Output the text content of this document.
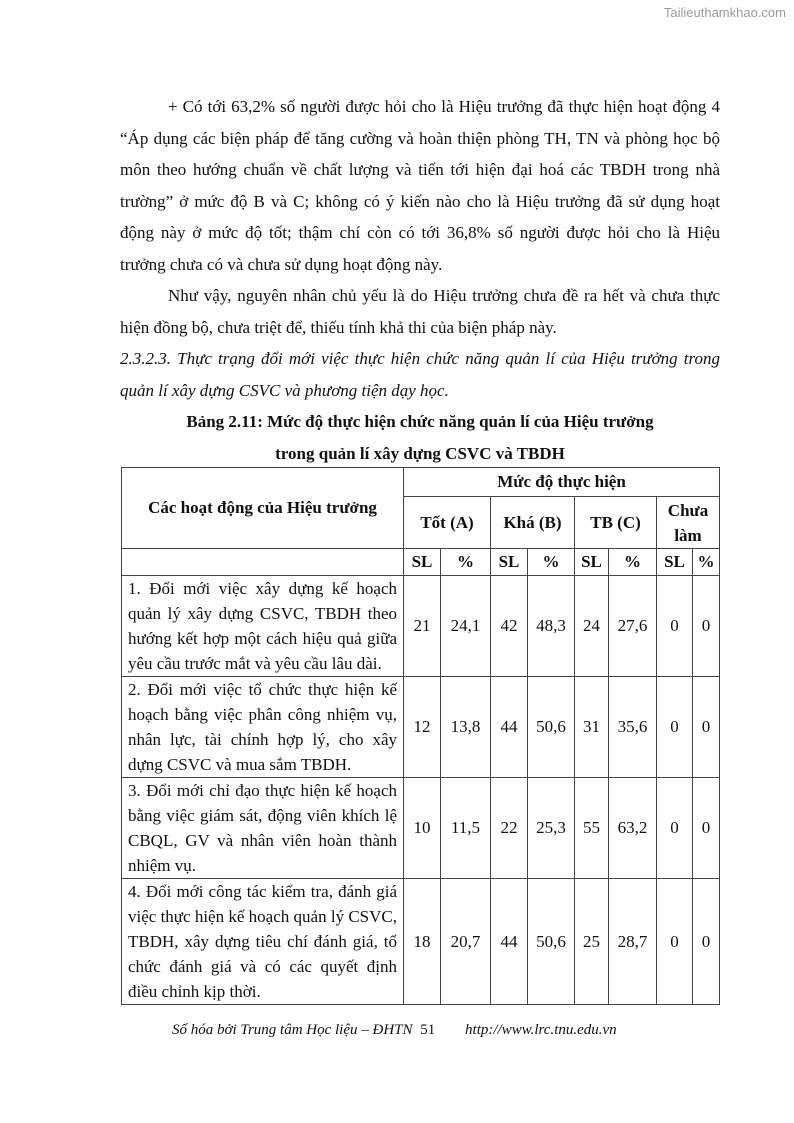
Tailieuthamkhao.com

+ Có tới 63,2% số người được hỏi cho là Hiệu trưởng đã thực hiện hoạt động 4 “Áp dụng các biện pháp để tăng cường và hoàn thiện phòng TH, TN và phòng học bộ môn theo hướng chuẩn về chất lượng và tiến tới hiện đại hoá các TBDH trong nhà trường” ở mức độ B và C; không có ý kiến nào cho là Hiệu trưởng đã sử dụng hoạt động này ở mức độ tốt; thậm chí còn có tới 36,8% số người được hỏi cho là Hiệu trưởng chưa có và chưa sử dụng hoạt động này.

Như vậy, nguyên nhân chủ yếu là do Hiệu trưởng chưa đề ra hết và chưa thực hiện đồng bộ, chưa triệt để, thiếu tính khả thi của biện pháp này.

2.3.2.3. Thực trạng đổi mới việc thực hiện chức năng quản lí của Hiệu trưởng trong quản lí xây dựng CSVC và phương tiện dạy học.

Bảng 2.11: Mức độ thực hiện chức năng quản lí của Hiệu trưởng

trong quản lí xây dựng CSVC và TBDH

Các hoạt động của Hiệu trưởng	Mức độ thực hiện							
	Tốt (A)		Khá (B)		TB (C)		Chưa làm	
	SL	%	SL	%	SL	%	SL	%
1. Đổi mới việc xây dựng kế hoạch quản lý xây dựng CSVC, TBDH theo hướng kết hợp một cách hiệu quả giữa yêu cầu trước mắt và yêu cầu lâu dài.	21	24,1	42	48,3	24	27,6	0	0
2. Đổi mới việc tổ chức thực hiện kế hoạch bằng việc phân công nhiệm vụ, nhân lực, tài chính hợp lý, cho xây dựng CSVC và mua sắm TBDH.	12	13,8	44	50,6	31	35,6	0	0
3. Đổi mới chỉ đạo thực hiện kế hoạch bằng việc giám sát, động viên khích lệ CBQL, GV và nhân viên hoàn thành nhiệm vụ.	10	11,5	22	25,3	55	63,2	0	0
4. Đổi mới công tác kiểm tra, đánh giá việc thực hiện kế hoạch quản lý CSVC, TBDH, xây dựng tiêu chí đánh giá, tổ chức đánh giá và có các quyết định điều chỉnh kịp thời.	18	20,7	44	50,6	25	28,7	0	0
Số hóa bởi Trung tâm Học liệu – ĐHTN 51 http://www.lrc.tnu.edu.vn
